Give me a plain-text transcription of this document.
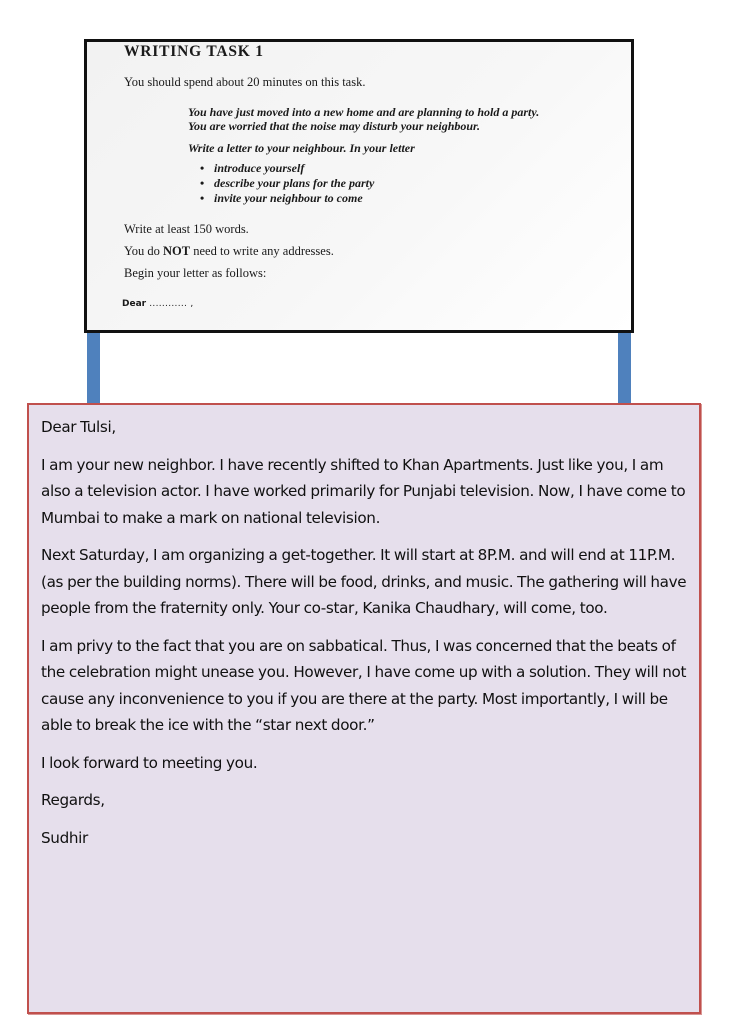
WRITING TASK 1
You should spend about 20 minutes on this task.
You have just moved into a new home and are planning to hold a party.
You are worried that the noise may disturb your neighbour.
Write a letter to your neighbour. In your letter
• introduce yourself
• describe your plans for the party
• invite your neighbour to come
Write at least 150 words.
You do NOT need to write any addresses.
Begin your letter as follows:
Dear ............ ,

Dear Tulsi,

I am your new neighbor. I have recently shifted to Khan Apartments. Just like you, I am also a television actor. I have worked primarily for Punjabi television. Now, I have come to Mumbai to make a mark on national television.

Next Saturday, I am organizing a get-together. It will start at 8P.M. and will end at 11P.M. (as per the building norms). There will be food, drinks, and music. The gathering will have people from the fraternity only. Your co-star, Kanika Chaudhary, will come, too.

I am privy to the fact that you are on sabbatical. Thus, I was concerned that the beats of the celebration might unease you. However, I have come up with a solution. They will not cause any inconvenience to you if you are there at the party. Most importantly, I will be able to break the ice with the “star next door.”

I look forward to meeting you.

Regards,

Sudhir
